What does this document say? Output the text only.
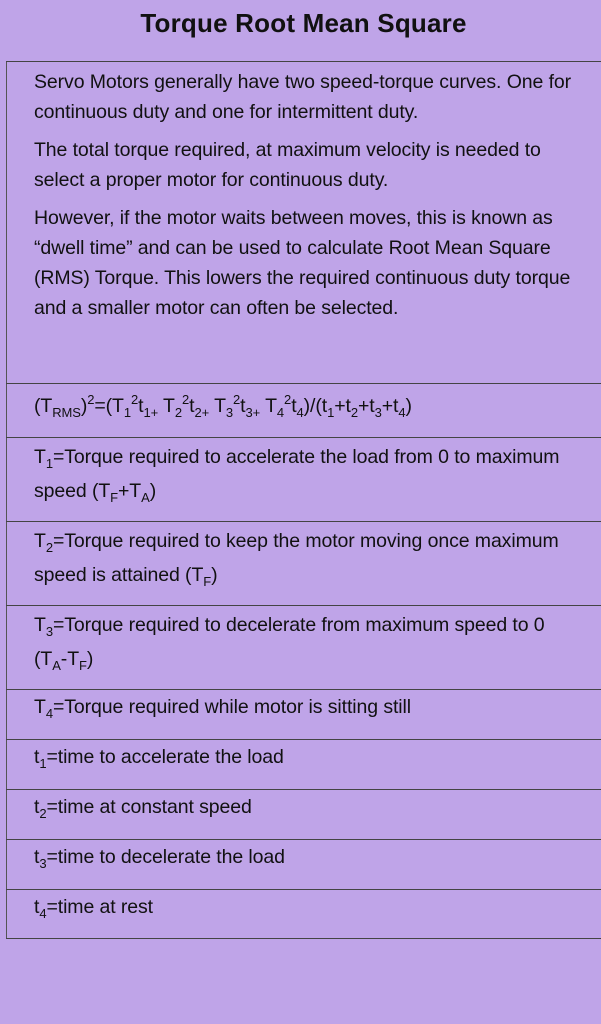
Torque Root Mean Square

Servo Motors generally have two speed-torque curves. One for continuous duty and one for intermittent duty.

The total torque required, at maximum velocity is needed to select a proper motor for continuous duty.

However, if the motor waits between moves, this is known as “dwell time” and can be used to calculate Root Mean Square (RMS) Torque. This lowers the required continuous duty torque and a smaller motor can often be selected.

$(T_{RMS})^2=(T_1^2t_{1+}$ $T_2^2t_{2+}$ $T_3^2t_{3+}$ $T_4^2t_4)/(t_1+t_2+t_3+t_4)$
$T_1=Torque$ required to accelerate the load from 0 to maximum speed $(T_F+T_A)$
$T_2=Torque$ required to keep the motor moving once maximum speed is attained $(T_F)$
$T_3=Torque$ required to decelerate from maximum speed to 0 $(T_A-T_F)$
$T_4=Torque$ required while motor is sitting still
$t_1=time$ to accelerate the load
$t_2=time$ at constant speed
$t_3=time$ to decelerate the load
$t_4=time$ at rest
